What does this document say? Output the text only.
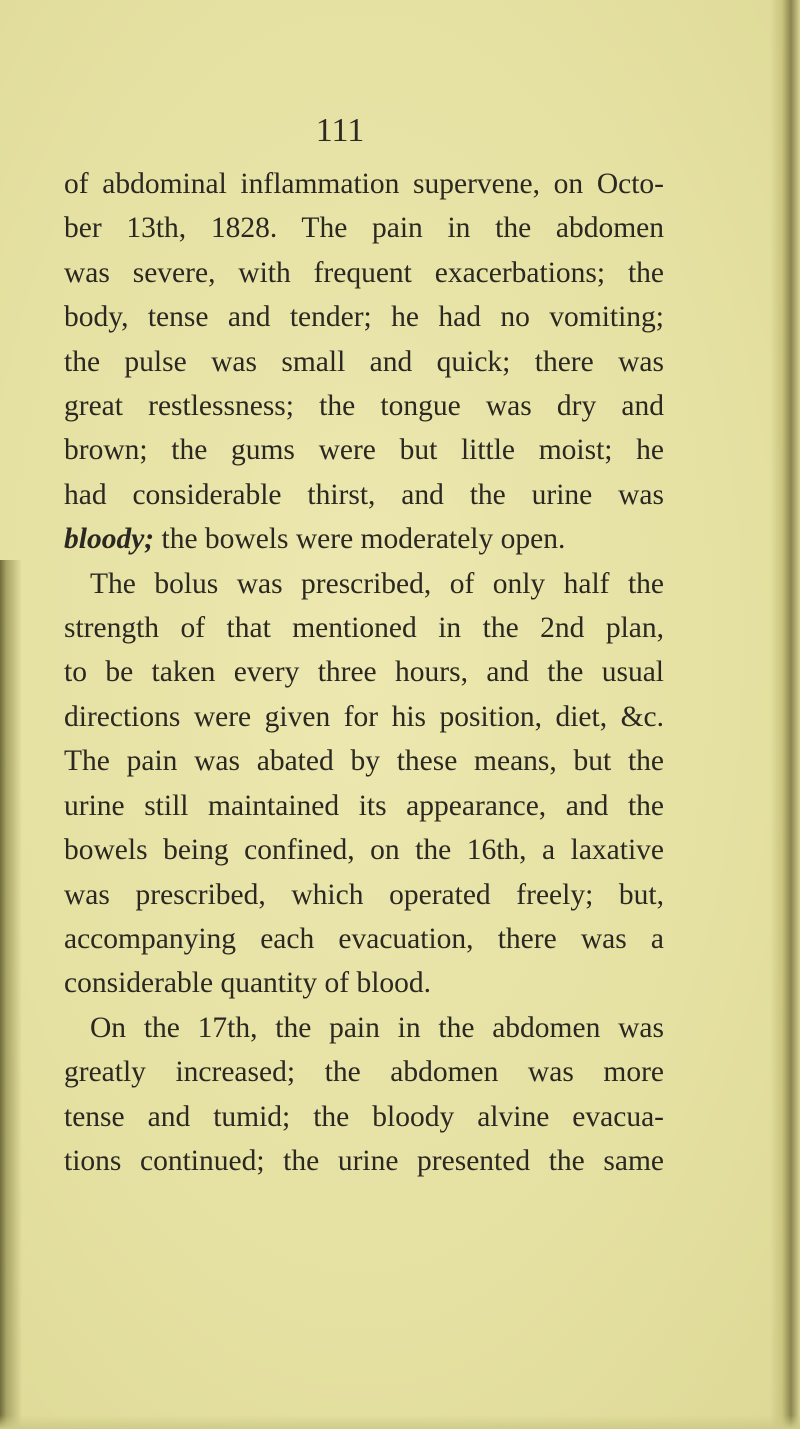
111
of abdominal inflammation supervene, on Octo-
ber 13th, 1828. The pain in the abdomen
was severe, with frequent exacerbations; the
body, tense and tender; he had no vomiting;
the pulse was small and quick; there was
great restlessness; the tongue was dry and
brown; the gums were but little moist; he
had considerable thirst, and the urine was
bloody; the bowels were moderately open.
The bolus was prescribed, of only half the
strength of that mentioned in the 2nd plan,
to be taken every three hours, and the usual
directions were given for his position, diet, &c.
The pain was abated by these means, but the
urine still maintained its appearance, and the
bowels being confined, on the 16th, a laxative
was prescribed, which operated freely; but,
accompanying each evacuation, there was a
considerable quantity of blood.
On the 17th, the pain in the abdomen was
greatly increased; the abdomen was more
tense and tumid; the bloody alvine evacua-
tions continued; the urine presented the same
